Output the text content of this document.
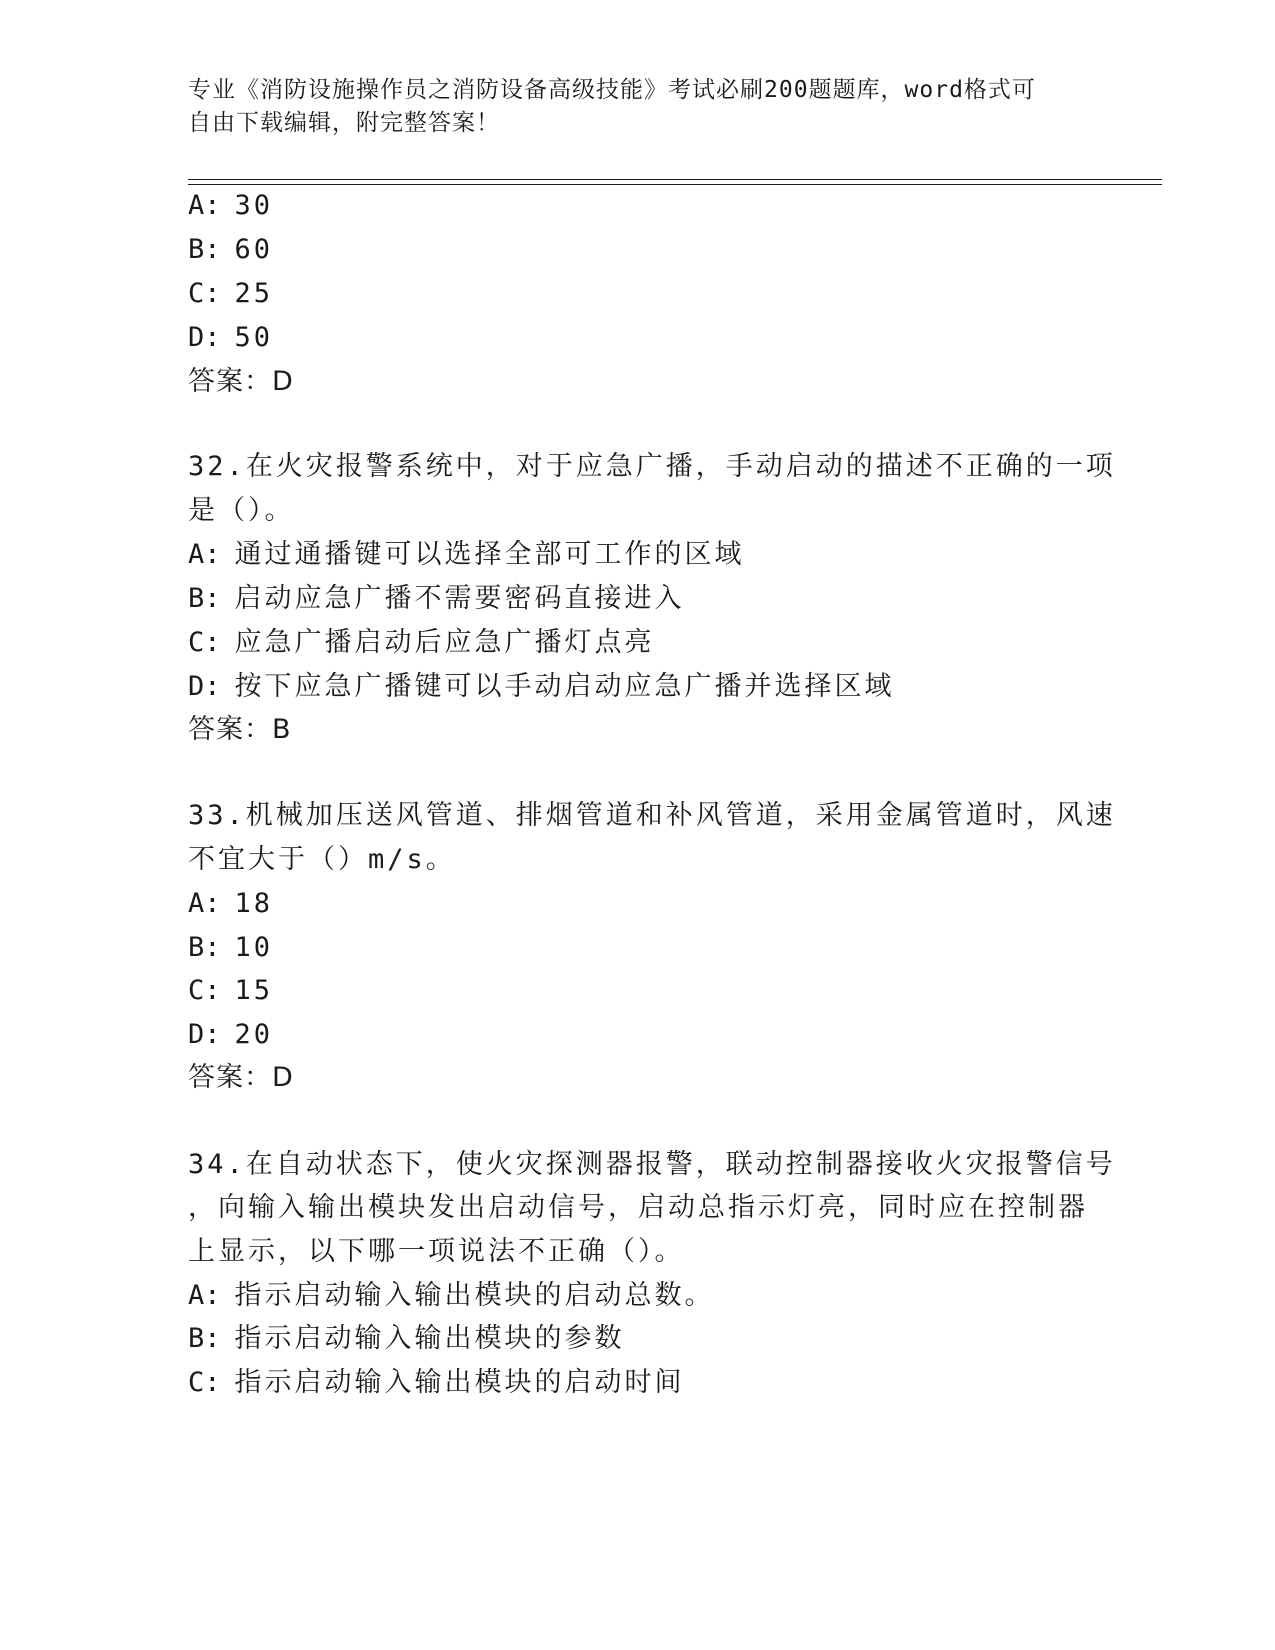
专业《消防设施操作员之消防设备高级技能》考试必刷200题题库，word格式可
自由下载编辑，附完整答案！
A: 30
B: 60
C: 25
D: 50
答案：D
32.在火灾报警系统中，对于应急广播，手动启动的描述不正确的一项
是（）。
A: 通过通播键可以选择全部可工作的区域
B: 启动应急广播不需要密码直接进入
C: 应急广播启动后应急广播灯点亮
D: 按下应急广播键可以手动启动应急广播并选择区域
答案：B
33.机械加压送风管道、排烟管道和补风管道，采用金属管道时，风速
不宜大于（）m/s。
A: 18
B: 10
C: 15
D: 20
答案：D
34.在自动状态下，使火灾探测器报警，联动控制器接收火灾报警信号
，向输入输出模块发出启动信号，启动总指示灯亮，同时应在控制器
上显示，以下哪一项说法不正确（）。
A: 指示启动输入输出模块的启动总数。
B: 指示启动输入输出模块的参数
C: 指示启动输入输出模块的启动时间
